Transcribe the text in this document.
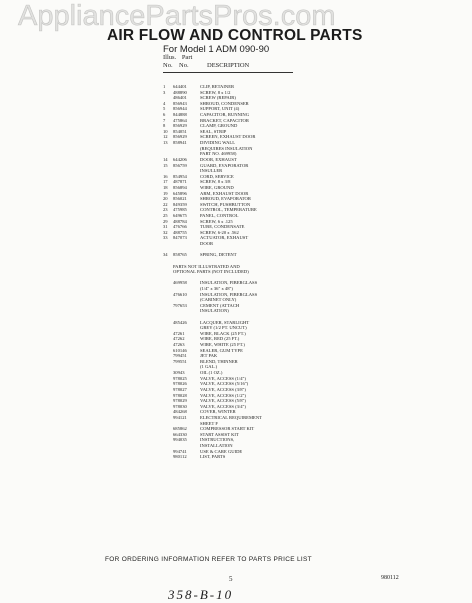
AppliancePartsPros.com
AIR FLOW AND CONTROL PARTS
For Model 1 ADM 090-90
Illus. Part
No. No.	DESCRIPTION
1 644401	CLIP, RETAINER
3 488890	SCREW, 8 x 1/2
486401	SCREW (REPAIR)
4 856943	SHROUD, CONDENSER
5 856944	SUPPORT, UNIT (4)
6 844888	CAPACITOR, RUNNING
7 475864	BRACKET, CAPACITOR
8 856929	CLAMP, GROUND
10 854051	SEAL, STRIP
12 856929	SCREEN, EXHAUST DOOR
13 858941	DIVIDING WALL
(REQUIRES INSULATION
PART NO. 469958)
14 644206	DOOR, EXHAUST
15 856759	GUARD, EVAPORATOR
INSULLER
16 854954	CORD, SERVICE
17 487871	SCREW, 8 x 3/8
18 856894	WIRE, GROUND
19 645896	ARM, EXHAUST DOOR
20 856021	SHROUD, EVAPORATOR
22 849359	SWITCH, PUSHBUTTON
23 475985	CONTROL, TEMPERATURE
25 649675	PANEL, CONTROL
29 488784	SCREW, 6 x .125
31 476766	TUBE, CONDENSATE
32 488755	SCREW, 6-20 x .562
33 847073	ACTUATOR, EXHAUST
DOOR
34 858765	SPRING, DETENT
PARTS NOT ILLUSTRATED AND
OPTIONAL PARTS (NOT INCLUDED)
469958	INSULATION, FIBERGLASS
(1/4" x 36" x 48")
476610	INSULATION, FIBERGLASS
(CABINET ONLY)
797653	CEMENT (ATTACH
INSULATION)
485426	LACQUER, STARLIGHT
GREY (1/2 PT. UNCUT)
47261	WIRE, BLACK (25 FT.)
47262	WIRE, RED (25 FT.)
47263	WIRE, WHITE (25 FT.)
610146	SEALER, GUM TYPE
799451	JET PAK
799551	BLEND, THINNER
(1 GAL.)
30943	OIL (1 OZ.)
978025	VALVE, ACCESS (1/4")
978026	VALVE, ACCESS (5/16")
978027	VALVE, ACCESS (3/8")
978028	VALVE, ACCESS (1/2")
978029	VALVE, ACCESS (5/8")
978030	VALVE, ACCESS (3/4")
484268	COVER, WINTER
994121	ELECTRICAL REQUIREMENT
SHEET F
685862	COMPRESSOR START KIT
664330	START ASSIST KIT
994035	INSTRUCTIONS,
INSTALLATION
994741	USE & CARE GUIDE
980112	LIST, PARTS
FOR ORDERING INFORMATION REFER TO PARTS PRICE LIST
5	980112
358-B-10
